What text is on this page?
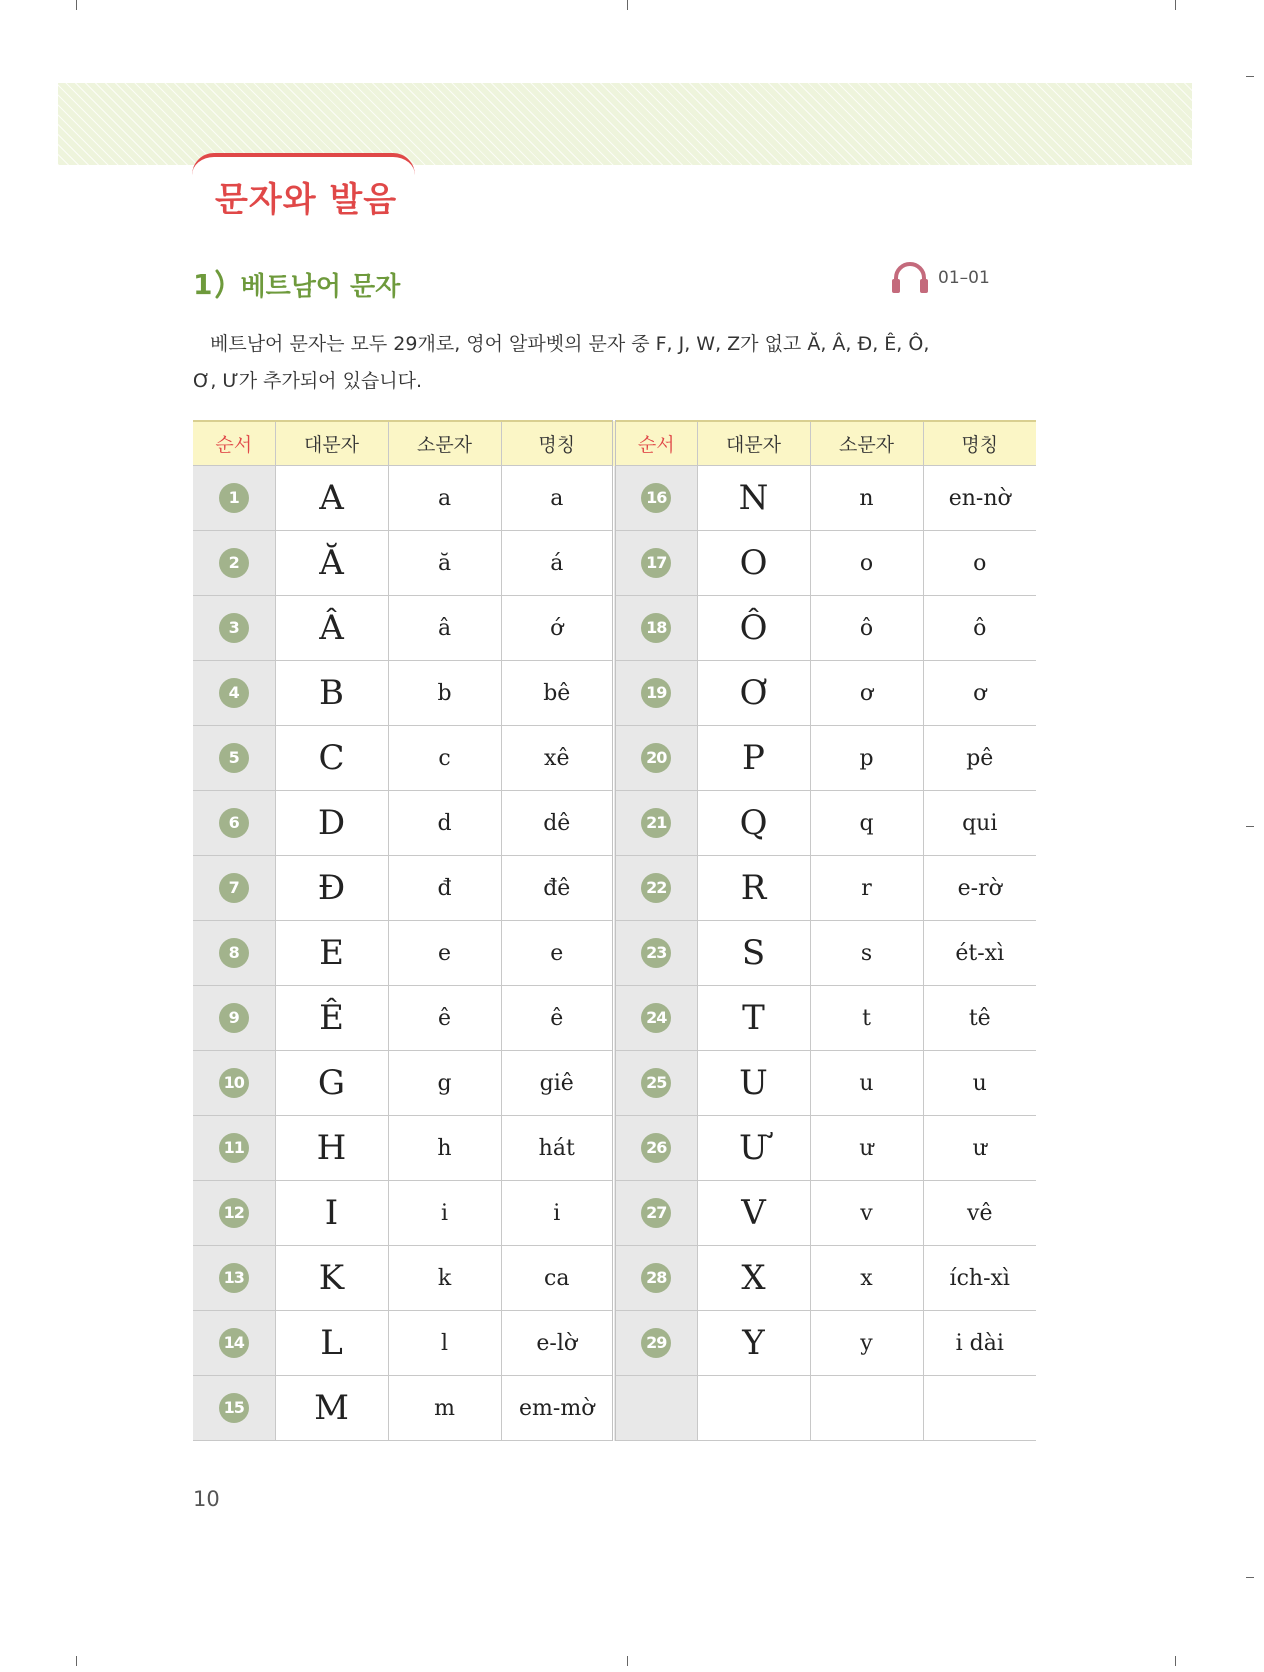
문자와 발음
1 베트남어 문자	01–01

베트남어 문자는 모두 29개로, 영어 알파벳의 문자 중 F, J, W, Z가 없고 Ă, Â, Đ, Ê, Ô,

Ơ, Ư가 추가되어 있습니다.

순서	대문자	소문자	명칭	순서	대문자	소문자	명칭
1	A	a	a	16	N	n	en-nờ
2	Ă	ă	á	17	O	o	o
3	Â	â	ớ	18	Ô	ô	ô
4	B	b	bê	19	Ơ	ơ	ơ
5	C	c	xê	20	P	p	pê
6	D	d	dê	21	Q	q	qui
7	Đ	đ	đê	22	R	r	e-rờ
8	E	e	e	23	S	s	ét-xì
9	Ê	ê	ê	24	T	t	tê
10	G	g	giê	25	U	u	u
11	H	h	hát	26	Ư	ư	ư
12	I	i	i	27	V	v	vê
13	K	k	ca	28	X	x	ích-xì
14	L	l	e-lờ	29	Y	y	i dài
15	M	m	em-mờ				
10
